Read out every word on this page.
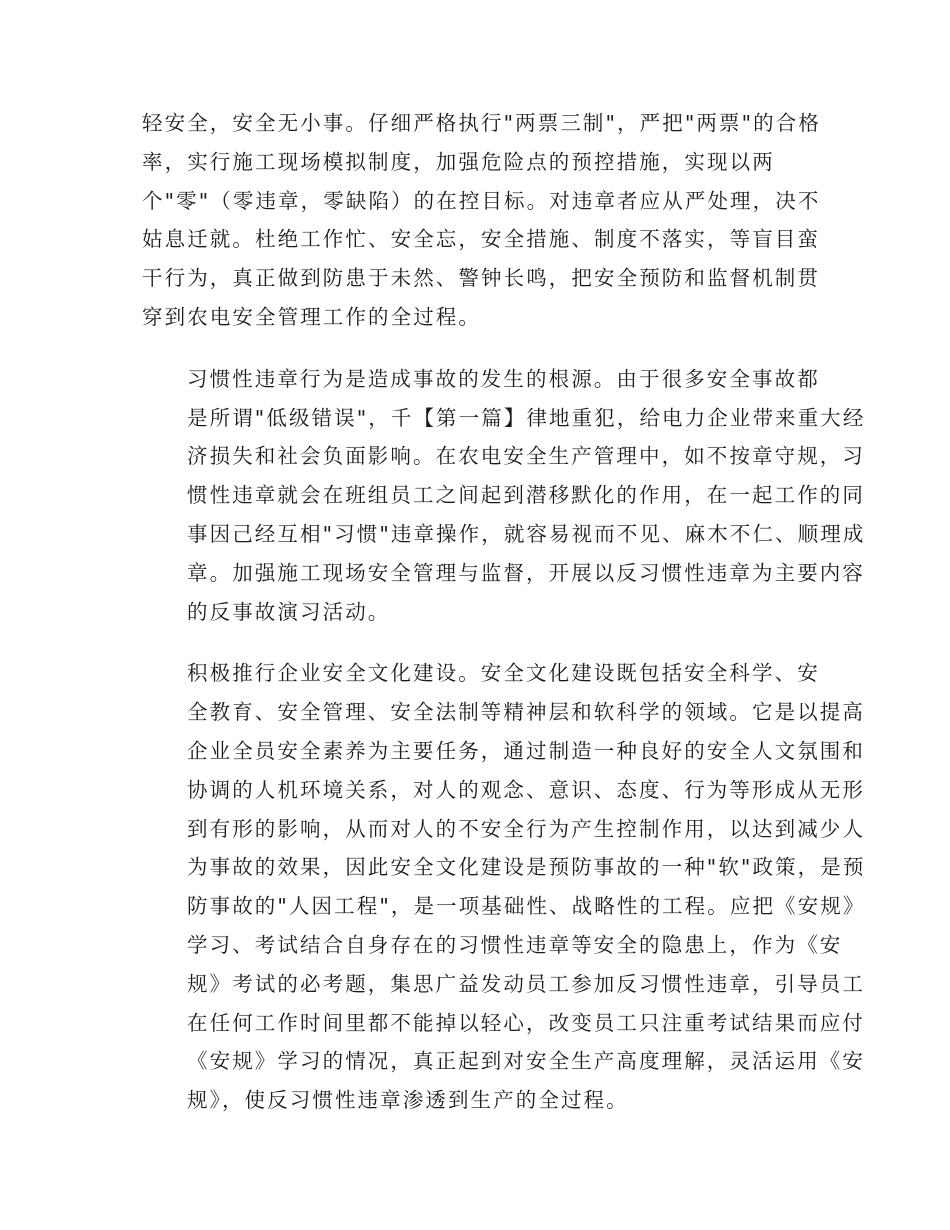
轻安全，安全无小事。仔细严格执行"两票三制"，严把"两票"的合格
率，实行施工现场模拟制度，加强危险点的预控措施，实现以两
个"零"（零违章，零缺陷）的在控目标。对违章者应从严处理，决不
姑息迁就。杜绝工作忙、安全忘，安全措施、制度不落实，等盲目蛮
干行为，真正做到防患于未然、警钟长鸣，把安全预防和监督机制贯
穿到农电安全管理工作的全过程。

习惯性违章行为是造成事故的发生的根源。由于很多安全事故都
是所谓"低级错误"，千【第一篇】律地重犯，给电力企业带来重大经
济损失和社会负面影响。在农电安全生产管理中，如不按章守规，习
惯性违章就会在班组员工之间起到潜移默化的作用，在一起工作的同
事因己经互相"习惯"违章操作，就容易视而不见、麻木不仁、顺理成
章。加强施工现场安全管理与监督，开展以反习惯性违章为主要内容
的反事故演习活动。

积极推行企业安全文化建设。安全文化建设既包括安全科学、安
全教育、安全管理、安全法制等精神层和软科学的领域。它是以提高
企业全员安全素养为主要任务，通过制造一种良好的安全人文氛围和
协调的人机环境关系，对人的观念、意识、态度、行为等形成从无形
到有形的影响，从而对人的不安全行为产生控制作用，以达到减少人
为事故的效果，因此安全文化建设是预防事故的一种"软"政策，是预
防事故的"人因工程"，是一项基础性、战略性的工程。应把《安规》
学习、考试结合自身存在的习惯性违章等安全的隐患上，作为《安
规》考试的必考题，集思广益发动员工参加反习惯性违章，引导员工
在任何工作时间里都不能掉以轻心，改变员工只注重考试结果而应付
《安规》学习的情况，真正起到对安全生产高度理解，灵活运用《安
规》，使反习惯性违章渗透到生产的全过程。
